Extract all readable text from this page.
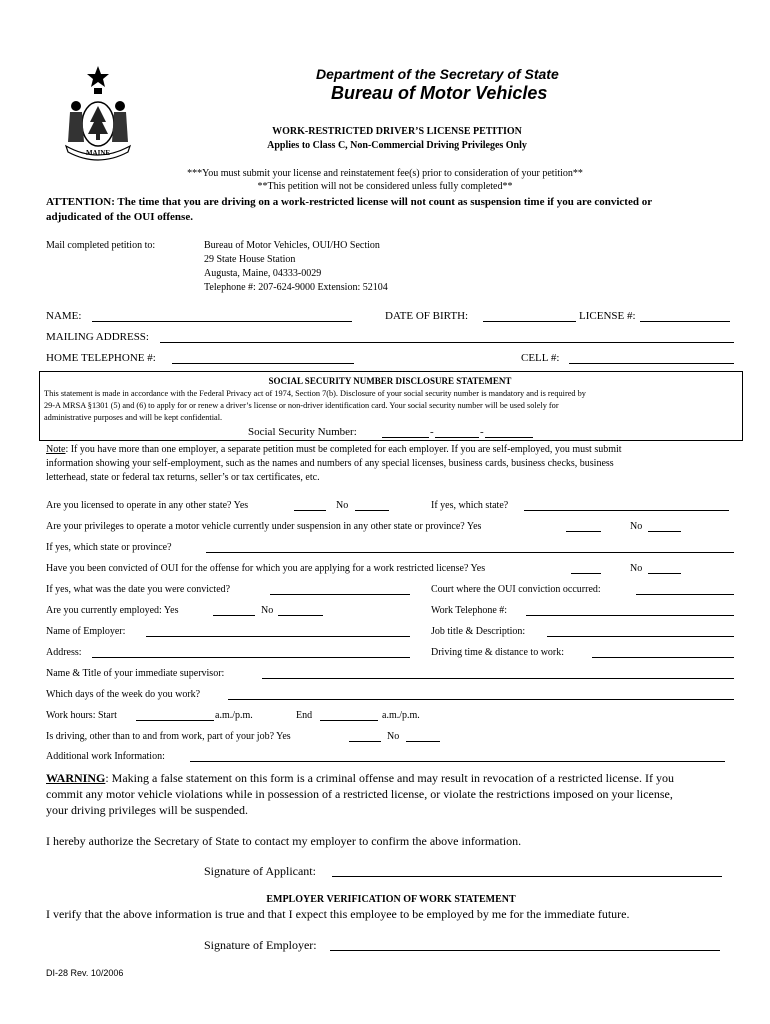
MAINE
Department of the Secretary of State
Bureau of Motor Vehicles
WORK-RESTRICTED DRIVER’S LICENSE PETITION
Applies to Class C, Non-Commercial Driving Privileges Only
***You must submit your license and reinstatement fee(s) prior to consideration of your petition**
**This petition will not be considered unless fully completed**
ATTENTION: The time that you are driving on a work-restricted license will not count as suspension time if you are convicted or
adjudicated of the OUI offense.
Mail completed petition to:	Bureau of Motor Vehicles, OUI/HO Section
29 State House Station
Augusta, Maine, 04333-0029
Telephone #: 207-624-9000 Extension: 52104
NAME:	DATE OF BIRTH:	LICENSE #:
MAILING ADDRESS:
HOME TELEPHONE #:	CELL #:
SOCIAL SECURITY NUMBER DISCLOSURE STATEMENT
This statement is made in accordance with the Federal Privacy act of 1974, Section 7(b). Disclosure of your social security number is mandatory and is required by
29-A MRSA §1301 (5) and (6) to apply for or renew a driver’s license or non-driver identification card. Your social security number will be used solely for
administrative purposes and will be kept confidential.
Social Security Number:	-	-
Note: If you have more than one employer, a separate petition must be completed for each employer. If you are self-employed, you must submit
information showing your self-employment, such as the names and numbers of any special licenses, business cards, business checks, business
letterhead, state or federal tax returns, seller’s or tax certificates, etc.
Are you licensed to operate in any other state? Yes	No	If yes, which state?
Are your privileges to operate a motor vehicle currently under suspension in any other state or province? Yes	No
If yes, which state or province?
Have you been convicted of OUI for the offense for which you are applying for a work restricted license? Yes	No
If yes, what was the date you were convicted?	Court where the OUI conviction occurred:
Are you currently employed: Yes	No	Work Telephone #:
Name of Employer:	Job title & Description:
Address:	Driving time & distance to work:
Name & Title of your immediate supervisor:
Which days of the week do you work?
Work hours: Start	a.m./p.m.	End	a.m./p.m.
Is driving, other than to and from work, part of your job? Yes	No
Additional work Information:
WARNING: Making a false statement on this form is a criminal offense and may result in revocation of a restricted license. If you
commit any motor vehicle violations while in possession of a restricted license, or violate the restrictions imposed on your license,
your driving privileges will be suspended.
I hereby authorize the Secretary of State to contact my employer to confirm the above information.
Signature of Applicant:
EMPLOYER VERIFICATION OF WORK STATEMENT
I verify that the above information is true and that I expect this employee to be employed by me for the immediate future.
Signature of Employer:
DI-28 Rev. 10/2006
